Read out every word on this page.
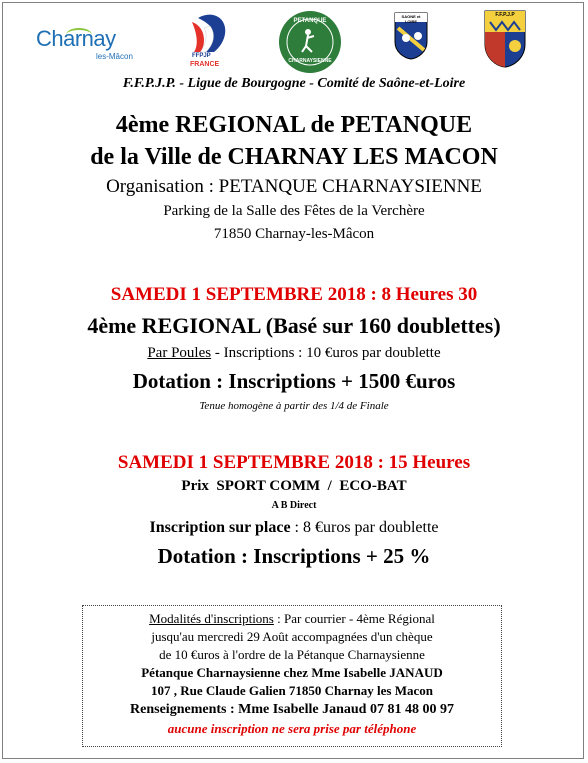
Charnay
les-Mâcon	FFPJP
FRANCE
PETANQUE
CHARNAYSIENNE
SAONE et LOIRE
F.F.P.J.P
F.F.P.J.P. - Ligue de Bourgogne - Comité de Saône-et-Loire
4ème REGIONAL de PETANQUE
de la Ville de CHARNAY LES MACON
Organisation : PETANQUE CHARNAYSIENNE
Parking de la Salle des Fêtes de la Verchère
71850 Charnay-les-Mâcon
SAMEDI 1 SEPTEMBRE 2018 : 8 Heures 30
4ème REGIONAL (Basé sur 160 doublettes)
Par Poules - Inscriptions : 10 €uros par doublette
Dotation : Inscriptions + 1500 €uros
Tenue homogène à partir des 1/4 de Finale
SAMEDI 1 SEPTEMBRE 2018 : 15 Heures
Prix  SPORT COMM  /  ECO-BAT
A B Direct
Inscription sur place : 8 €uros par doublette
Dotation : Inscriptions + 25 %
Modalités d'inscriptions : Par courrier - 4ème Régional
jusqu'au mercredi 29 Août accompagnées d'un chèque
de 10 €uros à l'ordre de la Pétanque Charnaysienne
Pétanque Charnaysienne chez Mme Isabelle JANAUD
107 , Rue Claude Galien 71850 Charnay les Macon
Renseignements : Mme Isabelle Janaud 07 81 48 00 97
aucune inscription ne sera prise par téléphone
